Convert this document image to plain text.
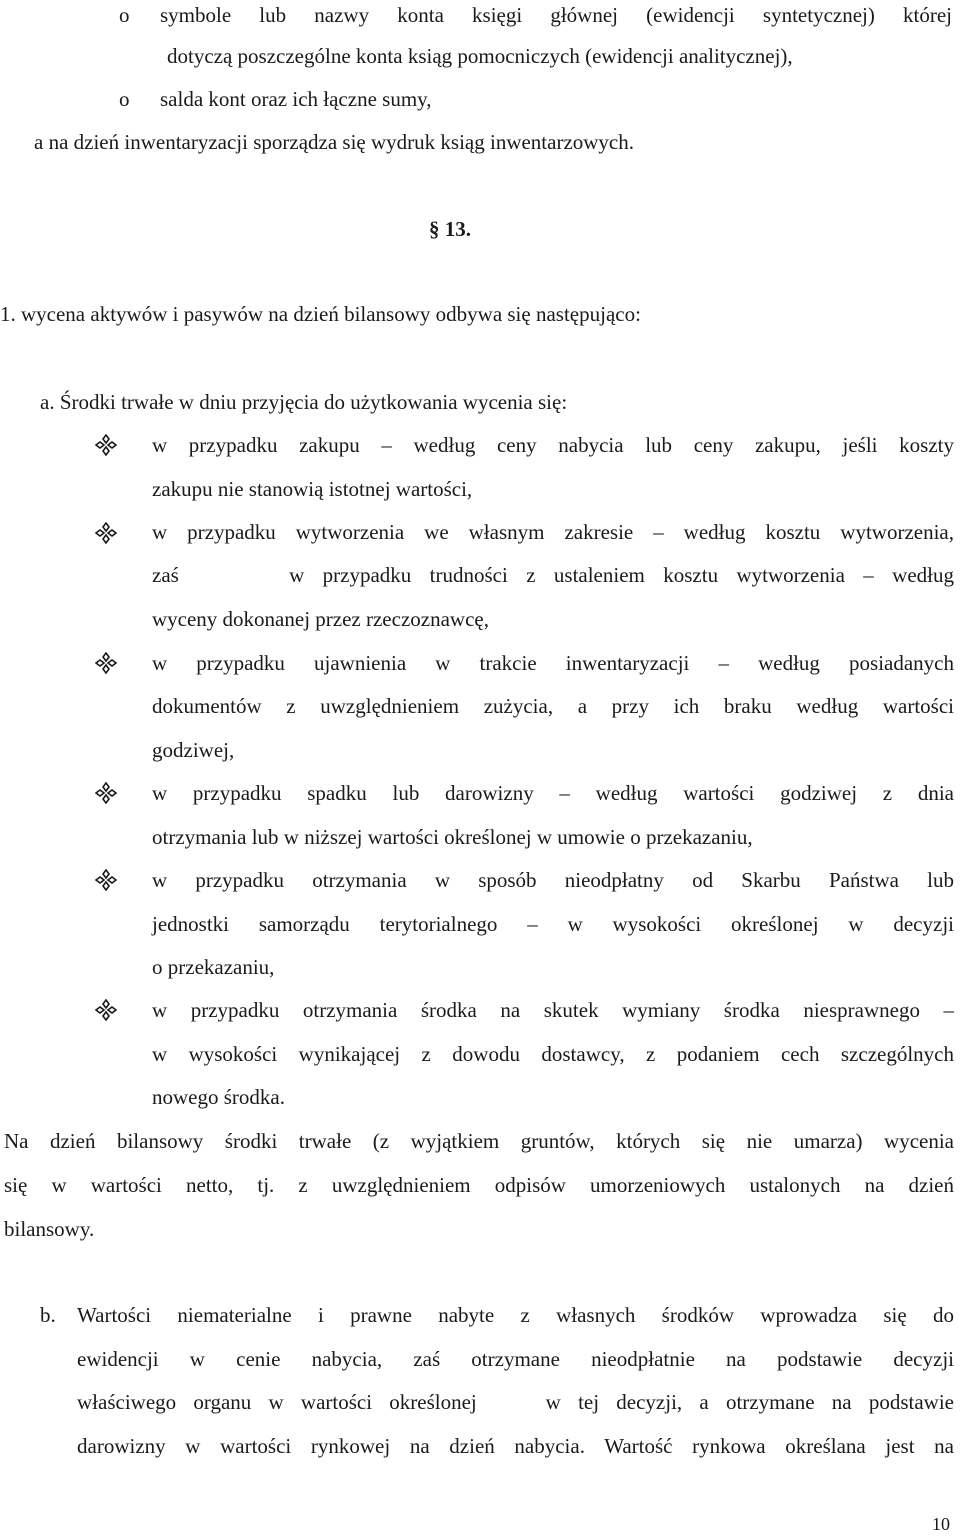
o symbole lub nazwy konta księgi głównej (ewidencji syntetycznej) której
dotyczą poszczególne konta ksiąg pomocniczych (ewidencji analitycznej),
o salda kont oraz ich łączne sumy,
a na dzień inwentaryzacji sporządza się wydruk ksiąg inwentarzowych.
§ 13.
1. wycena aktywów i pasywów na dzień bilansowy odbywa się następująco:
a. Środki trwałe w dniu przyjęcia do użytkowania wycenia się:
w przypadku zakupu – według ceny nabycia lub ceny zakupu, jeśli koszty
zakupu nie stanowią istotnej wartości,
w przypadku wytworzenia we własnym zakresie – według kosztu wytworzenia,
zaś      w przypadku trudności z ustaleniem kosztu wytworzenia – według
wyceny dokonanej przez rzeczoznawcę,
w przypadku ujawnienia w trakcie inwentaryzacji – według posiadanych
dokumentów z uwzględnieniem zużycia, a przy ich braku według wartości
godziwej,
w przypadku spadku lub darowizny – według wartości godziwej z dnia
otrzymania lub w niższej wartości określonej w umowie o przekazaniu,
w przypadku otrzymania w sposób nieodpłatny od Skarbu Państwa lub
jednostki samorządu terytorialnego – w wysokości określonej w decyzji
o przekazaniu,
w przypadku otrzymania środka na skutek wymiany środka niesprawnego –
w wysokości wynikającej z dowodu dostawcy, z podaniem cech szczególnych
nowego środka.
Na dzień bilansowy środki trwałe (z wyjątkiem gruntów, których się nie umarza) wycenia
się w wartości netto, tj. z uwzględnieniem odpisów umorzeniowych ustalonych na dzień
bilansowy.
b. Wartości niematerialne i prawne nabyte z własnych środków wprowadza się do
ewidencji w cenie nabycia, zaś otrzymane nieodpłatnie na podstawie decyzji
właściwego organu w wartości określonej    w tej decyzji, a otrzymane na podstawie
darowizny w wartości rynkowej na dzień nabycia. Wartość rynkowa określana jest na
10
